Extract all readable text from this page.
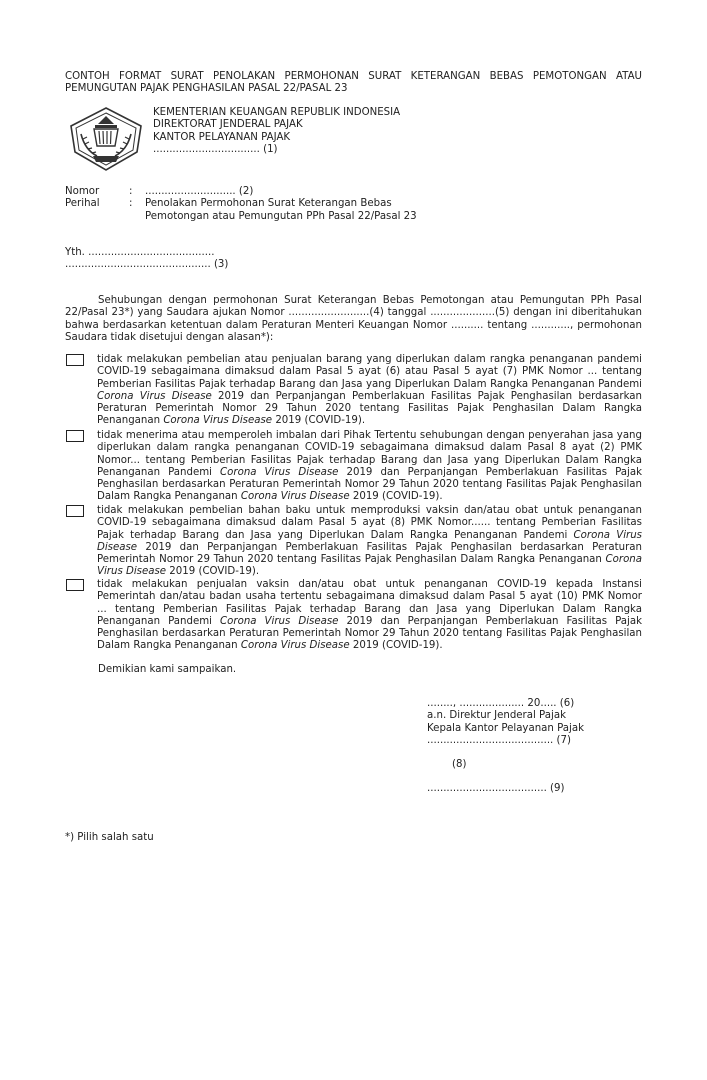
CONTOH FORMAT SURAT PENOLAKAN PERMOHONAN SURAT KETERANGAN BEBAS PEMOTONGAN ATAU
PEMUNGUTAN PAJAK PENGHASILAN PASAL 22/PASAL 23
KEMENTERIAN KEUANGAN REPUBLIK INDONESIA
DIREKTORAT JENDERAL PAJAK
KANTOR PELAYANAN PAJAK
................................. (1)
Nomor	:	............................ (2)
Perihal	:	Penolakan Permohonan Surat Keterangan Bebas
Pemotongan atau Pemungutan PPh Pasal 22/Pasal 23
Yth. .......................................
............................................. (3)
Sehubungan dengan permohonan Surat Keterangan Bebas Pemotongan atau Pemungutan PPh Pasal 22/Pasal 23*) yang Saudara ajukan Nomor .........................(4) tanggal ....................(5) dengan ini diberitahukan bahwa berdasarkan ketentuan dalam Peraturan Menteri Keuangan Nomor .......... tentang ............, permohonan Saudara tidak disetujui dengan alasan*):
tidak melakukan pembelian atau penjualan barang yang diperlukan dalam rangka penanganan pandemi COVID-19 sebagaimana dimaksud dalam Pasal 5 ayat (6) atau Pasal 5 ayat (7) PMK Nomor ... tentang Pemberian Fasilitas Pajak terhadap Barang dan Jasa yang Diperlukan Dalam Rangka Penanganan Pandemi Corona Virus Disease 2019 dan Perpanjangan Pemberlakuan Fasilitas Pajak Penghasilan berdasarkan Peraturan Pemerintah Nomor 29 Tahun 2020 tentang Fasilitas Pajak Penghasilan Dalam Rangka Penanganan Corona Virus Disease 2019 (COVID-19).
tidak menerima atau memperoleh imbalan dari Pihak Tertentu sehubungan dengan penyerahan jasa yang diperlukan dalam rangka penanganan COVID-19 sebagaimana dimaksud dalam Pasal 8 ayat (2) PMK Nomor... tentang Pemberian Fasilitas Pajak terhadap Barang dan Jasa yang Diperlukan Dalam Rangka Penanganan Pandemi Corona Virus Disease 2019 dan Perpanjangan Pemberlakuan Fasilitas Pajak Penghasilan berdasarkan Peraturan Pemerintah Nomor 29 Tahun 2020 tentang Fasilitas Pajak Penghasilan Dalam Rangka Penanganan Corona Virus Disease 2019 (COVID-19).
tidak melakukan pembelian bahan baku untuk memproduksi vaksin dan/atau obat untuk penanganan COVID-19 sebagaimana dimaksud dalam Pasal 5 ayat (8) PMK Nomor...... tentang Pemberian Fasilitas Pajak terhadap Barang dan Jasa yang Diperlukan Dalam Rangka Penanganan Pandemi Corona Virus Disease 2019 dan Perpanjangan Pemberlakuan Fasilitas Pajak Penghasilan berdasarkan Peraturan Pemerintah Nomor 29 Tahun 2020 tentang Fasilitas Pajak Penghasilan Dalam Rangka Penanganan Corona Virus Disease 2019 (COVID-19).
tidak melakukan penjualan vaksin dan/atau obat untuk penanganan COVID-19 kepada Instansi Pemerintah dan/atau badan usaha tertentu sebagaimana dimaksud dalam Pasal 5 ayat (10) PMK Nomor ... tentang Pemberian Fasilitas Pajak terhadap Barang dan Jasa yang Diperlukan Dalam Rangka Penanganan Pandemi Corona Virus Disease 2019 dan Perpanjangan Pemberlakuan Fasilitas Pajak Penghasilan berdasarkan Peraturan Pemerintah Nomor 29 Tahun 2020 tentang Fasilitas Pajak Penghasilan Dalam Rangka Penanganan Corona Virus Disease 2019 (COVID-19).
Demikian kami sampaikan.
........, .................... 20..... (6)
a.n. Direktur Jenderal Pajak
Kepala Kantor Pelayanan Pajak
....................................... (7)
(8)
..................................... (9)
*) Pilih salah satu
